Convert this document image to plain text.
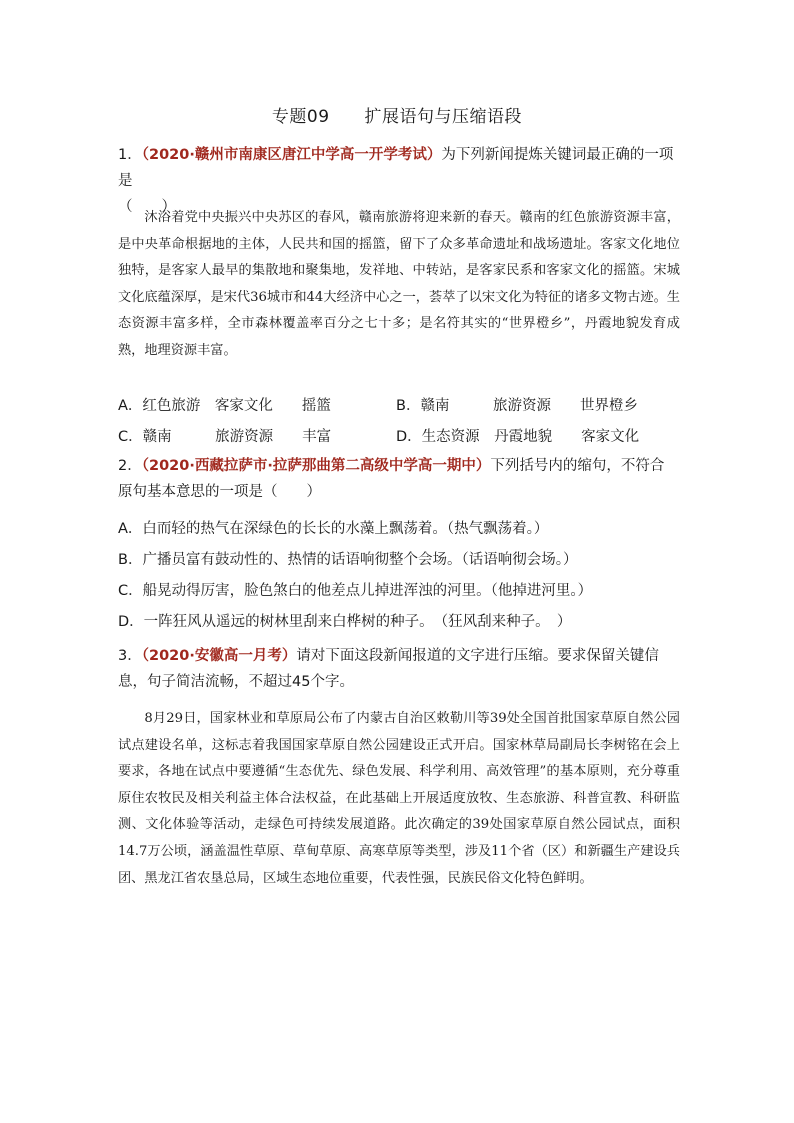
专题09　　扩展语句与压缩语段
1．（2020·赣州市南康区唐江中学高一开学考试）为下列新闻提炼关键词最正确的一项是
（　　）

沐浴着党中央振兴中央苏区的春风，赣南旅游将迎来新的春天。赣南的红色旅游资源丰富，是中央革命根据地的主体，人民共和国的摇篮，留下了众多革命遗址和战场遗址。客家文化地位独特，是客家人最早的集散地和聚集地，发祥地、中转站，是客家民系和客家文化的摇篮。宋城文化底蕴深厚，是宋代36城市和44大经济中心之一，荟萃了以宋文化为特征的诸多文物古迹。生态资源丰富多样，全市森林覆盖率百分之七十多；是名符其实的“世界橙乡”，丹霞地貌发育成熟，地理资源丰富。

A．红色旅游　客家文化　　摇篮	B．赣南　　　旅游资源　　世界橙乡
C．赣南　　　旅游资源　　丰富	D．生态资源　丹霞地貌　　客家文化
2．（2020·西藏拉萨市·拉萨那曲第二高级中学高一期中）下列括号内的缩句，不符合原句基本意思的一项是（　　）
A．白而轻的热气在深绿色的长长的水藻上飘荡着。（热气飘荡着。）
B．广播员富有鼓动性的、热情的话语响彻整个会场。（话语响彻会场。）
C．船晃动得厉害，脸色煞白的他差点儿掉进浑浊的河里。（他掉进河里。）
D．一阵狂风从遥远的树林里刮来白桦树的种子。　（狂风刮来种子。　）
3．（2020·安徽高一月考）请对下面这段新闻报道的文字进行压缩。要求保留关键信息，句子简洁流畅，不超过45个字。

8月29日，国家林业和草原局公布了内蒙古自治区敕勒川等39处全国首批国家草原自然公园试点建设名单，这标志着我国国家草原自然公园建设正式开启。国家林草局副局长李树铭在会上要求，各地在试点中要遵循“生态优先、绿色发展、科学利用、高效管理”的基本原则，充分尊重原住农牧民及相关利益主体合法权益，在此基础上开展适度放牧、生态旅游、科普宣教、科研监测、文化体验等活动，走绿色可持续发展道路。此次确定的39处国家草原自然公园试点，面积14.7万公顷，涵盖温性草原、草甸草原、高寒草原等类型，涉及11个省（区）和新疆生产建设兵团、黑龙江省农垦总局，区域生态地位重要，代表性强，民族民俗文化特色鲜明。
